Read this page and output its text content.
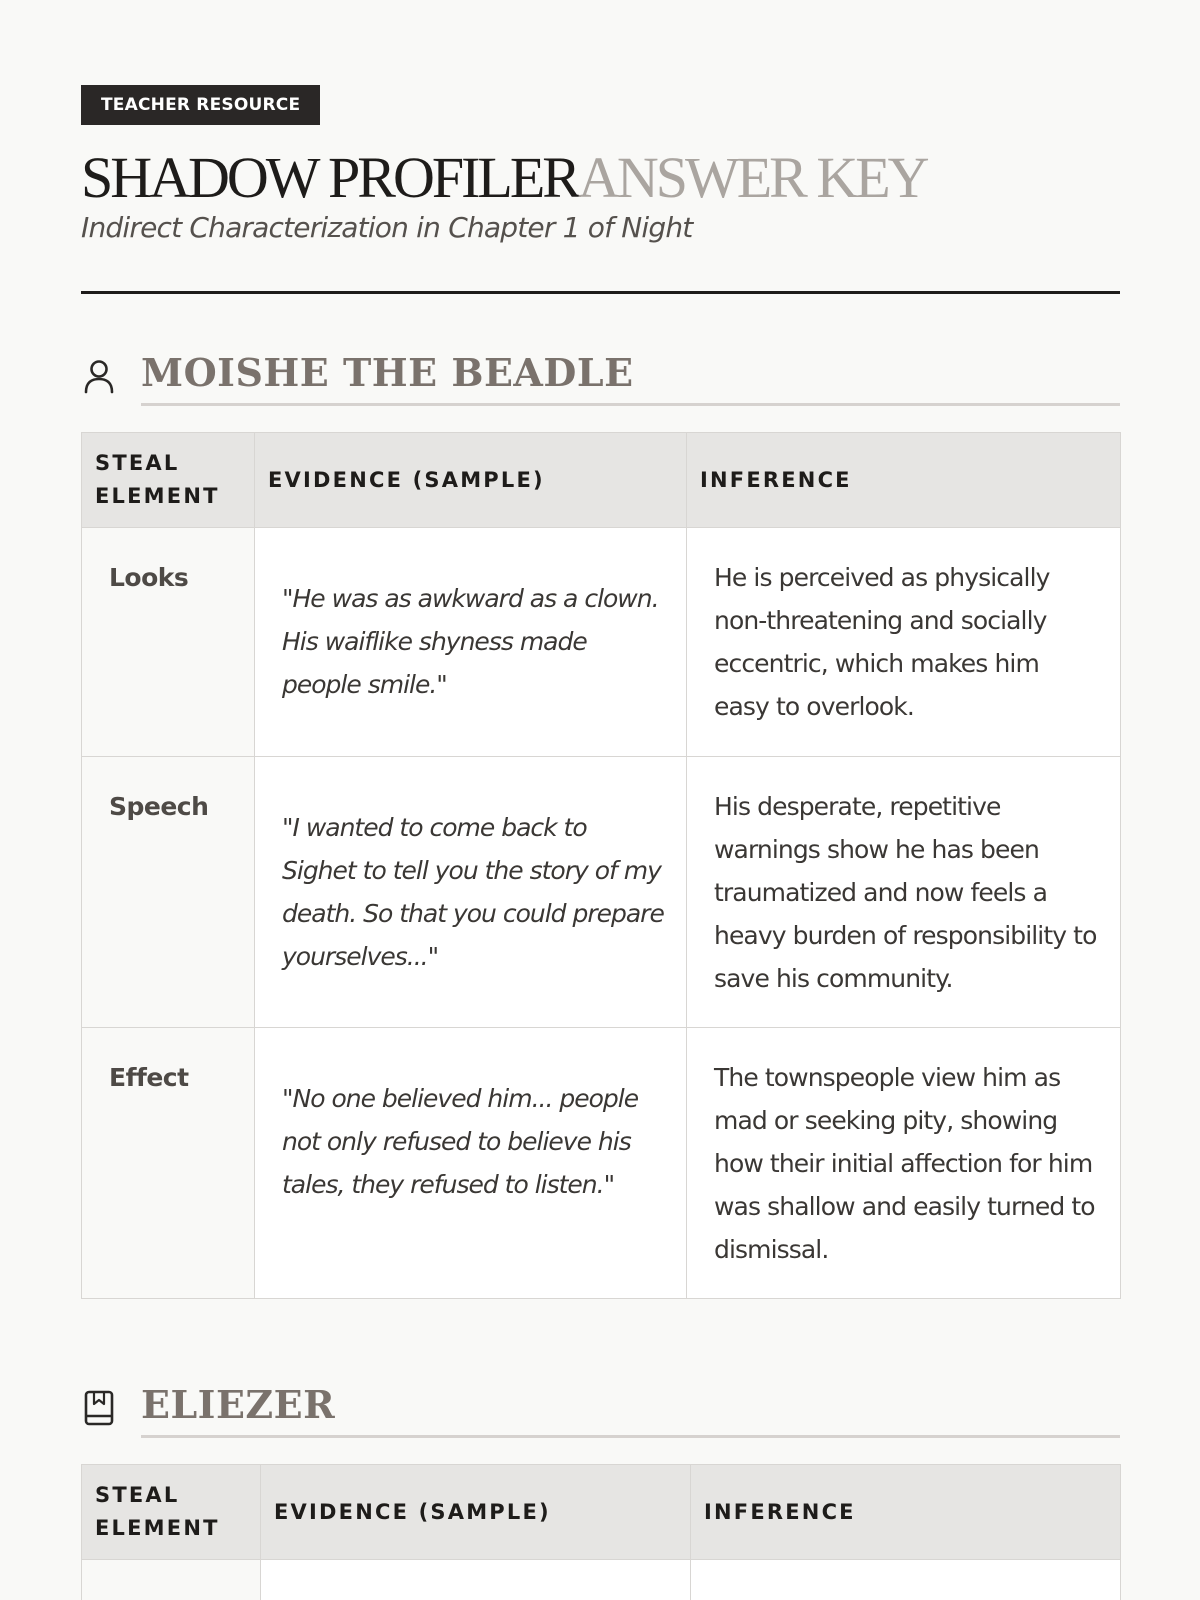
TEACHER RESOURCE
SHADOW PROFILERANSWER KEY
Indirect Characterization in Chapter 1 of Night
MOISHE THE BEADLE
STEAL ELEMENT	EVIDENCE (SAMPLE)	INFERENCE
Looks	"He was as awkward as a clown. His waiflike shyness made people smile."	He is perceived as physically non-threatening and socially eccentric, which makes him easy to overlook.
Speech	"I wanted to come back to Sighet to tell you the story of my death. So that you could prepare yourselves..."	His desperate, repetitive warnings show he has been traumatized and now feels a heavy burden of responsibility to save his community.
Effect	"No one believed him... people not only refused to believe his tales, they refused to listen."	The townspeople view him as mad or seeking pity, showing how their initial affection for him was shallow and easily turned to dismissal.
ELIEZER
STEAL ELEMENT	EVIDENCE (SAMPLE)	INFERENCE
